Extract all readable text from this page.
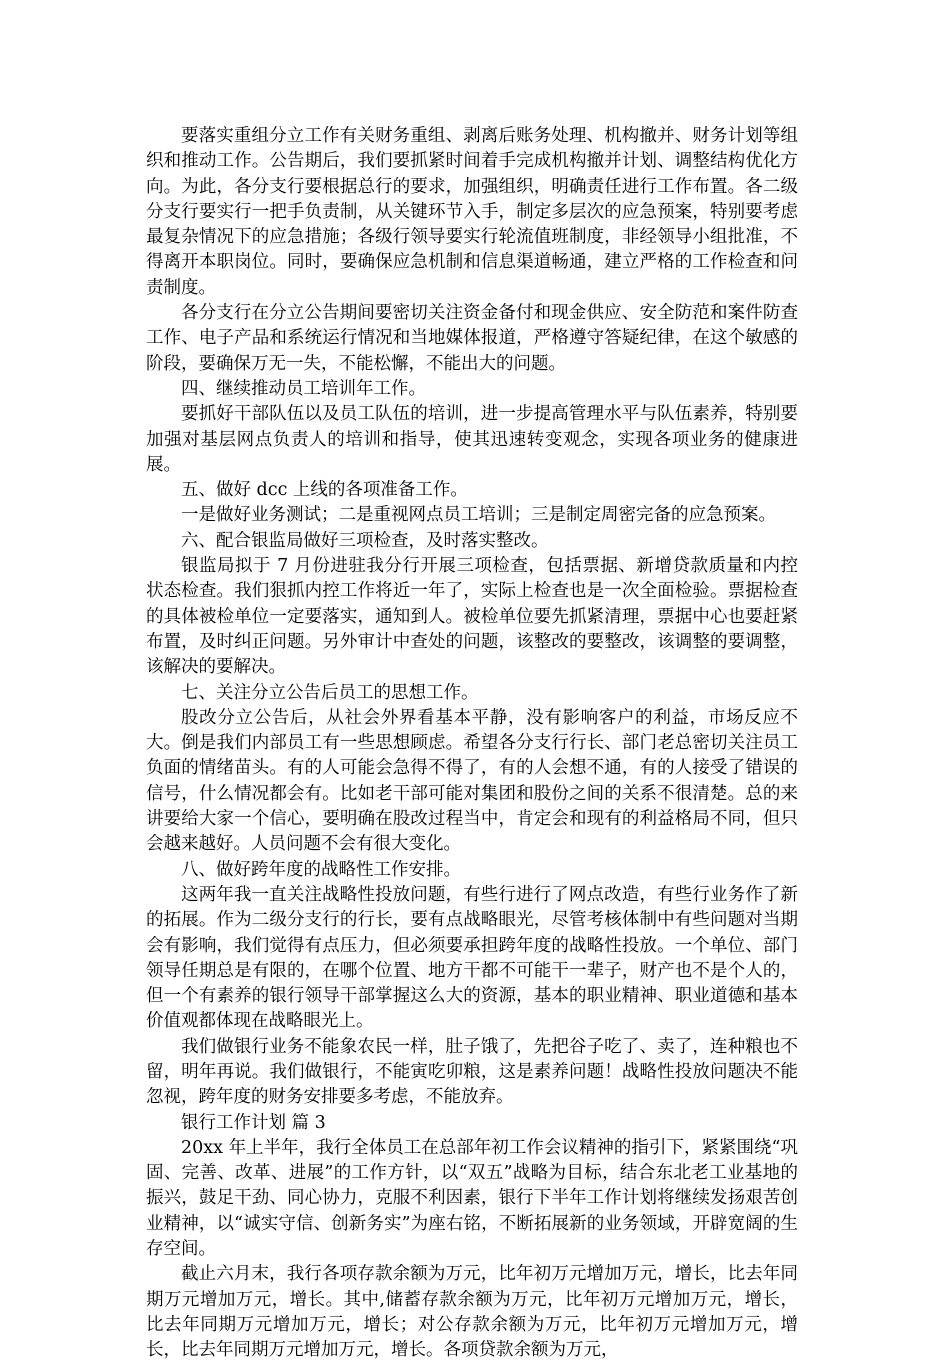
要落实重组分立工作有关财务重组、剥离后账务处理、机构撤并、财务计划等组织和推动工作。公告期后，我们要抓紧时间着手完成机构撤并计划、调整结构优化方向。为此，各分支行要根据总行的要求，加强组织，明确责任进行工作布置。各二级分支行要实行一把手负责制，从关键环节入手，制定多层次的应急预案，特别要考虑最复杂情况下的应急措施；各级行领导要实行轮流值班制度，非经领导小组批准，不得离开本职岗位。同时，要确保应急机制和信息渠道畅通，建立严格的工作检查和问责制度。

各分支行在分立公告期间要密切关注资金备付和现金供应、安全防范和案件防查工作、电子产品和系统运行情况和当地媒体报道，严格遵守答疑纪律，在这个敏感的阶段，要确保万无一失，不能松懈，不能出大的问题。

四、继续推动员工培训年工作。

要抓好干部队伍以及员工队伍的培训，进一步提高管理水平与队伍素养，特别要加强对基层网点负责人的培训和指导，使其迅速转变观念，实现各项业务的健康进展。

五、做好 dcc 上线的各项准备工作。

一是做好业务测试；二是重视网点员工培训；三是制定周密完备的应急预案。

六、配合银监局做好三项检查，及时落实整改。

银监局拟于 7 月份进驻我分行开展三项检查，包括票据、新增贷款质量和内控状态检查。我们狠抓内控工作将近一年了，实际上检查也是一次全面检验。票据检查的具体被检单位一定要落实，通知到人。被检单位要先抓紧清理，票据中心也要赶紧布置，及时纠正问题。另外审计中查处的问题，该整改的要整改，该调整的要调整，该解决的要解决。

七、关注分立公告后员工的思想工作。

股改分立公告后，从社会外界看基本平静，没有影响客户的利益，市场反应不大。倒是我们内部员工有一些思想顾虑。希望各分支行行长、部门老总密切关注员工负面的情绪苗头。有的人可能会急得不得了，有的人会想不通，有的人接受了错误的信号，什么情况都会有。比如老干部可能对集团和股份之间的关系不很清楚。总的来讲要给大家一个信心，要明确在股改过程当中，肯定会和现有的利益格局不同，但只会越来越好。人员问题不会有很大变化。

八、做好跨年度的战略性工作安排。

这两年我一直关注战略性投放问题，有些行进行了网点改造，有些行业务作了新的拓展。作为二级分支行的行长，要有点战略眼光，尽管考核体制中有些问题对当期会有影响，我们觉得有点压力，但必须要承担跨年度的战略性投放。一个单位、部门领导任期总是有限的，在哪个位置、地方干都不可能干一辈子，财产也不是个人的，但一个有素养的银行领导干部掌握这么大的资源，基本的职业精神、职业道德和基本价值观都体现在战略眼光上。

我们做银行业务不能象农民一样，肚子饿了，先把谷子吃了、卖了，连种粮也不留，明年再说。我们做银行，不能寅吃卯粮，这是素养问题！战略性投放问题决不能忽视，跨年度的财务安排要多考虑，不能放弃。

银行工作计划 篇 3

20xx 年上半年，我行全体员工在总部年初工作会议精神的指引下，紧紧围绕“巩固、完善、改革、进展”的工作方针，以“双五”战略为目标，结合东北老工业基地的振兴，鼓足干劲、同心协力，克服不利因素，银行下半年工作计划将继续发扬艰苦创业精神，以“诚实守信、创新务实”为座右铭，不断拓展新的业务领域，开辟宽阔的生存空间。

截止六月末，我行各项存款余额为万元，比年初万元增加万元，增长，比去年同期万元增加万元，增长。其中,储蓄存款余额为万元，比年初万元增加万元，增长，比去年同期万元增加万元，增长；对公存款余额为万元，比年初万元增加万元，增长，比去年同期万元增加万元，增长。各项贷款余额为万元，
